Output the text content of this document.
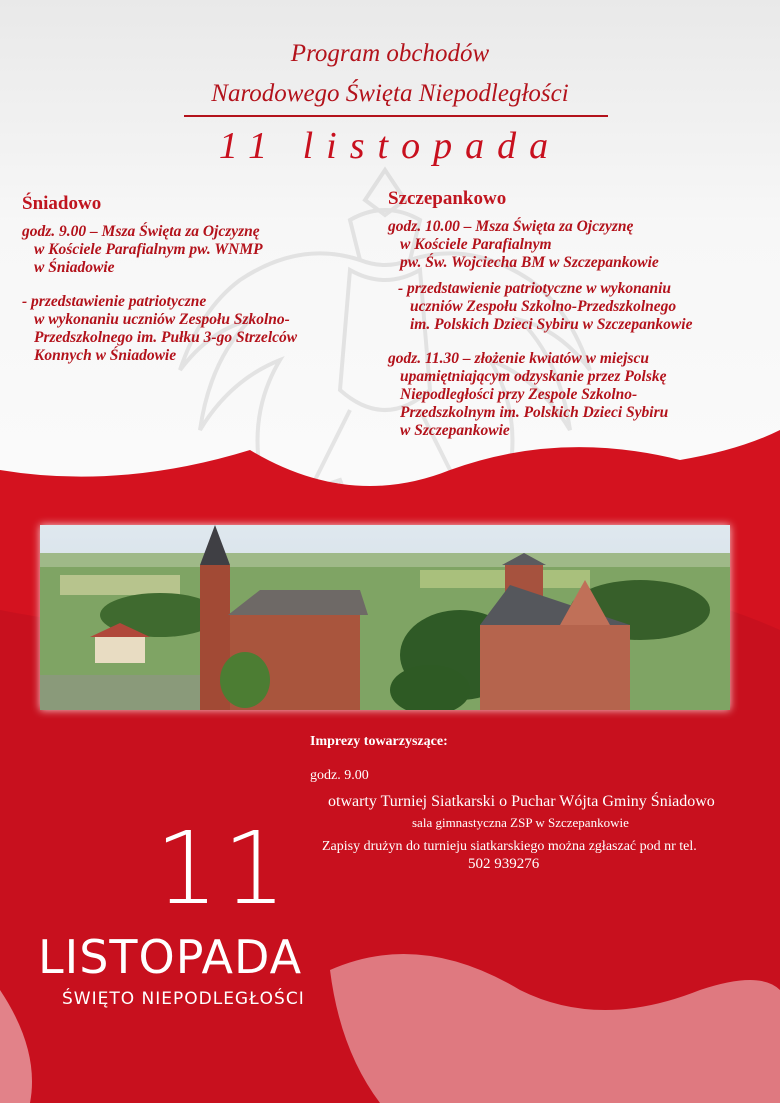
Program obchodów
Narodowego Święta Niepodległości
11 listopada
Śniadowo

godz. 9.00 – Msza Święta za Ojczyznę
w Kościele Parafialnym pw. WNMP
w Śniadowie

- przedstawienie patriotyczne
w wykonaniu uczniów Zespołu Szkolno-
Przedszkolnego im. Pułku 3-go Strzelców
Konnych w Śniadowie

Szczepankowo

godz. 10.00 – Msza Święta za Ojczyznę
w Kościele Parafialnym
pw. Św. Wojciecha BM w Szczepankowie

- przedstawienie patriotyczne w wykonaniu
uczniów Zespołu Szkolno-Przedszkolnego
im. Polskich Dzieci Sybiru w Szczepankowie

godz. 11.30 – złożenie kwiatów w miejscu
upamiętniającym odzyskanie przez Polskę
Niepodległości przy Zespole Szkolno-
Przedszkolnym im. Polskich Dzieci Sybiru
w Szczepankowie

Imprezy towarzyszące:
godz. 9.00
otwarty Turniej Siatkarski o Puchar Wójta Gminy Śniadowo
sala gimnastyczna ZSP w Szczepankowie
Zapisy drużyn do turnieju siatkarskiego można zgłaszać pod nr tel.
502 939276
11
LISTOPADA
ŚWIĘTO NIEPODLEGŁOŚCI
